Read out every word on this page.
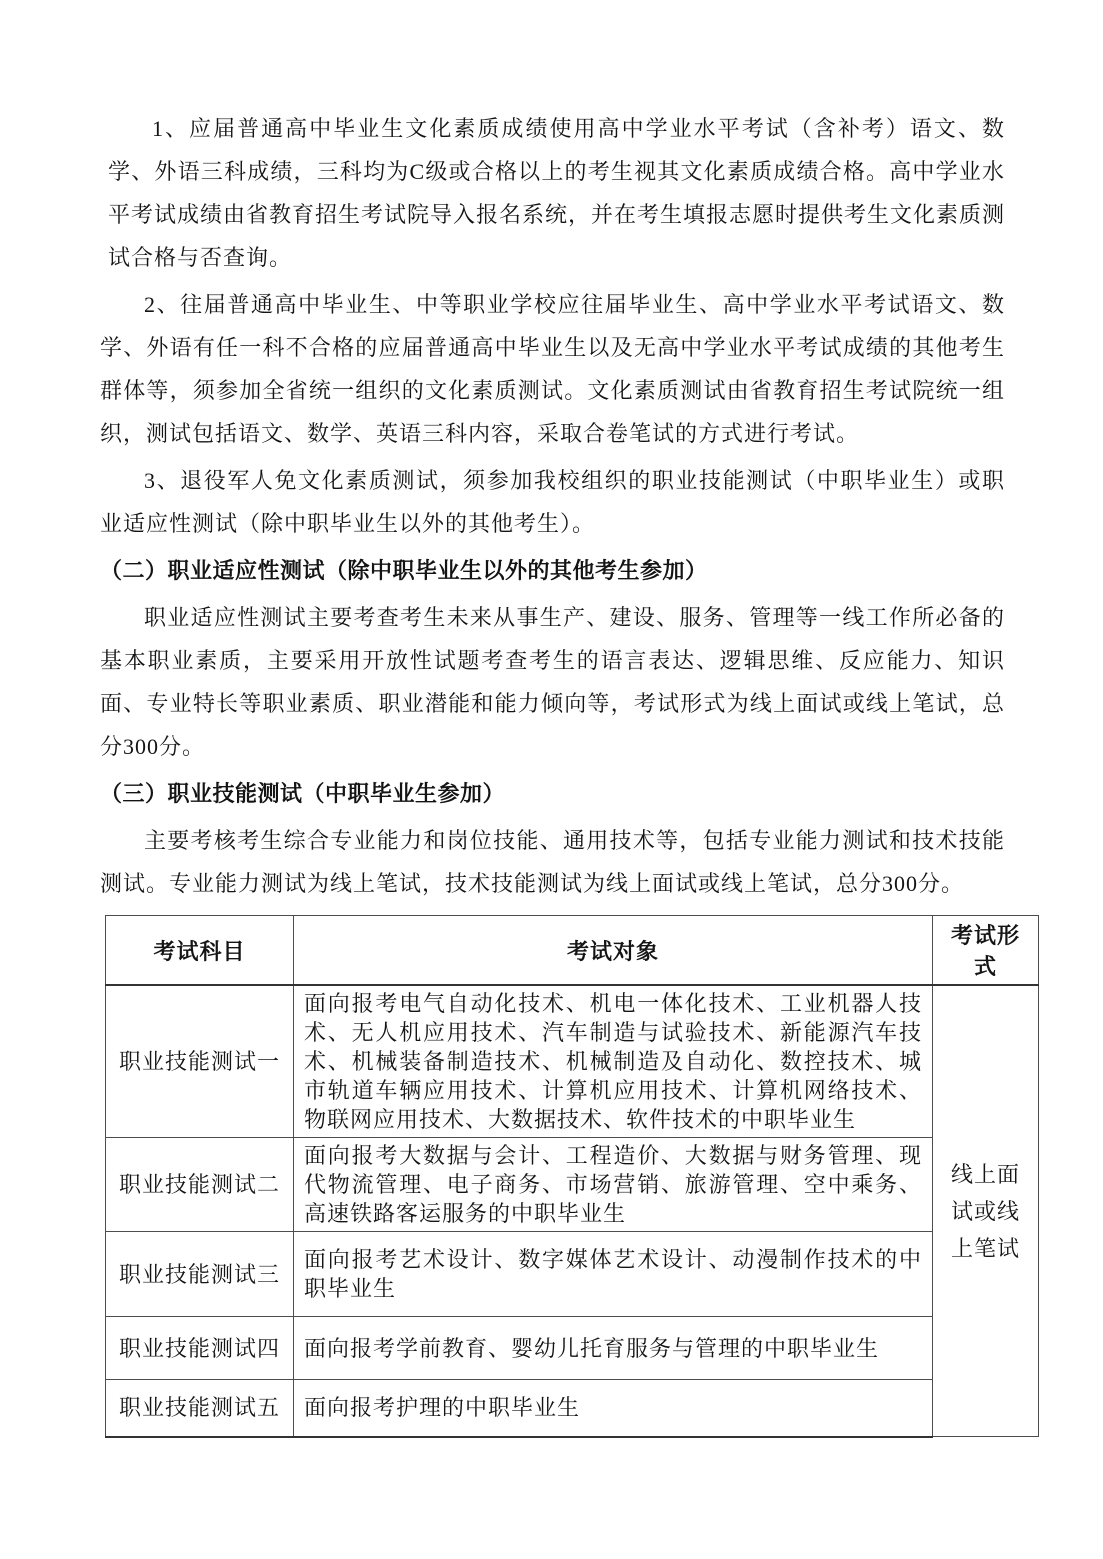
1、应届普通高中毕业生文化素质成绩使用高中学业水平考试（含补考）语文、数学、外语三科成绩，三科均为C级或合格以上的考生视其文化素质成绩合格。高中学业水平考试成绩由省教育招生考试院导入报名系统，并在考生填报志愿时提供考生文化素质测试合格与否查询。

2、往届普通高中毕业生、中等职业学校应往届毕业生、高中学业水平考试语文、数学、外语有任一科不合格的应届普通高中毕业生以及无高中学业水平考试成绩的其他考生群体等，须参加全省统一组织的文化素质测试。文化素质测试由省教育招生考试院统一组织，测试包括语文、数学、英语三科内容，采取合卷笔试的方式进行考试。

3、退役军人免文化素质测试，须参加我校组织的职业技能测试（中职毕业生）或职业适应性测试（除中职毕业生以外的其他考生）。

（二）职业适应性测试（除中职毕业生以外的其他考生参加）

职业适应性测试主要考查考生未来从事生产、建设、服务、管理等一线工作所必备的基本职业素质，主要采用开放性试题考查考生的语言表达、逻辑思维、反应能力、知识面、专业特长等职业素质、职业潜能和能力倾向等，考试形式为线上面试或线上笔试，总分300分。

（三）职业技能测试（中职毕业生参加）

主要考核考生综合专业能力和岗位技能、通用技术等，包括专业能力测试和技术技能测试。专业能力测试为线上笔试，技术技能测试为线上面试或线上笔试，总分300分。

考试科目	考试对象	考试形式
职业技能测试一	面向报考电气自动化技术、机电一体化技术、工业机器人技术、无人机应用技术、汽车制造与试验技术、新能源汽车技术、机械装备制造技术、机械制造及自动化、数控技术、城市轨道车辆应用技术、计算机应用技术、计算机网络技术、物联网应用技术、大数据技术、软件技术的中职毕业生	线上面试或线上笔试
职业技能测试二	面向报考大数据与会计、工程造价、大数据与财务管理、现代物流管理、电子商务、市场营销、旅游管理、空中乘务、高速铁路客运服务的中职毕业生	
职业技能测试三	面向报考艺术设计、数字媒体艺术设计、动漫制作技术的中职毕业生	
职业技能测试四	面向报考学前教育、婴幼儿托育服务与管理的中职毕业生	
职业技能测试五	面向报考护理的中职毕业生	
